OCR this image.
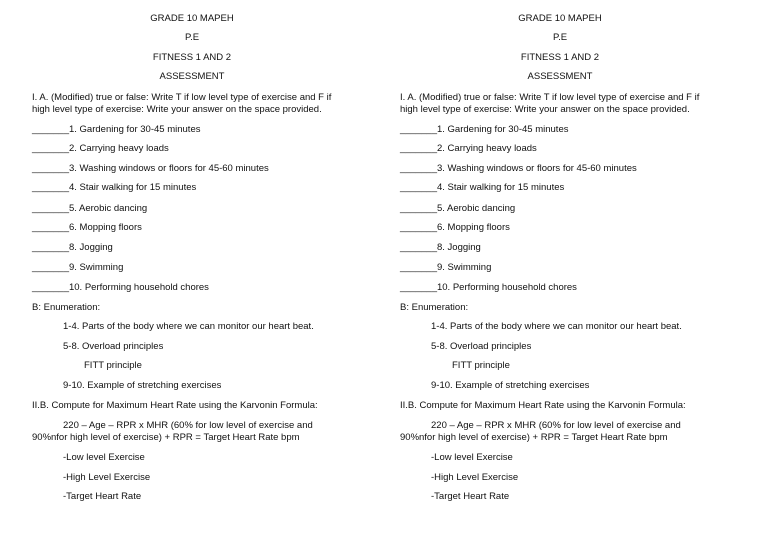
GRADE 10 MAPEH
P.E
FITNESS 1 AND 2
ASSESSMENT
I. A. (Modified) true or false: Write T if low level type of exercise and F if
high level type of exercise: Write your answer on the space provided.
_______1. Gardening for 30-45 minutes
_______2. Carrying heavy loads
_______3. Washing windows or floors for 45-60 minutes
_______4. Stair walking for 15 minutes
_______5. Aerobic dancing
_______6. Mopping floors
_______8. Jogging
_______9. Swimming
_______10. Performing household chores
B: Enumeration:
1-4. Parts of the body where we can monitor our heart beat.
5-8. Overload principles
FITT principle
9-10. Example of stretching exercises
II.B. Compute for Maximum Heart Rate using the Karvonin Formula:
220 – Age – RPR x MHR (60% for low level of exercise and
90%nfor high level of exercise) + RPR = Target Heart Rate bpm
-Low level Exercise
-High Level Exercise
-Target Heart Rate
GRADE 10 MAPEH
P.E
FITNESS 1 AND 2
ASSESSMENT
I. A. (Modified) true or false: Write T if low level type of exercise and F if
high level type of exercise: Write your answer on the space provided.
_______1. Gardening for 30-45 minutes
_______2. Carrying heavy loads
_______3. Washing windows or floors for 45-60 minutes
_______4. Stair walking for 15 minutes
_______5. Aerobic dancing
_______6. Mopping floors
_______8. Jogging
_______9. Swimming
_______10. Performing household chores
B: Enumeration:
1-4. Parts of the body where we can monitor our heart beat.
5-8. Overload principles
FITT principle
9-10. Example of stretching exercises
II.B. Compute for Maximum Heart Rate using the Karvonin Formula:
220 – Age – RPR x MHR (60% for low level of exercise and
90%nfor high level of exercise) + RPR = Target Heart Rate bpm
-Low level Exercise
-High Level Exercise
-Target Heart Rate
